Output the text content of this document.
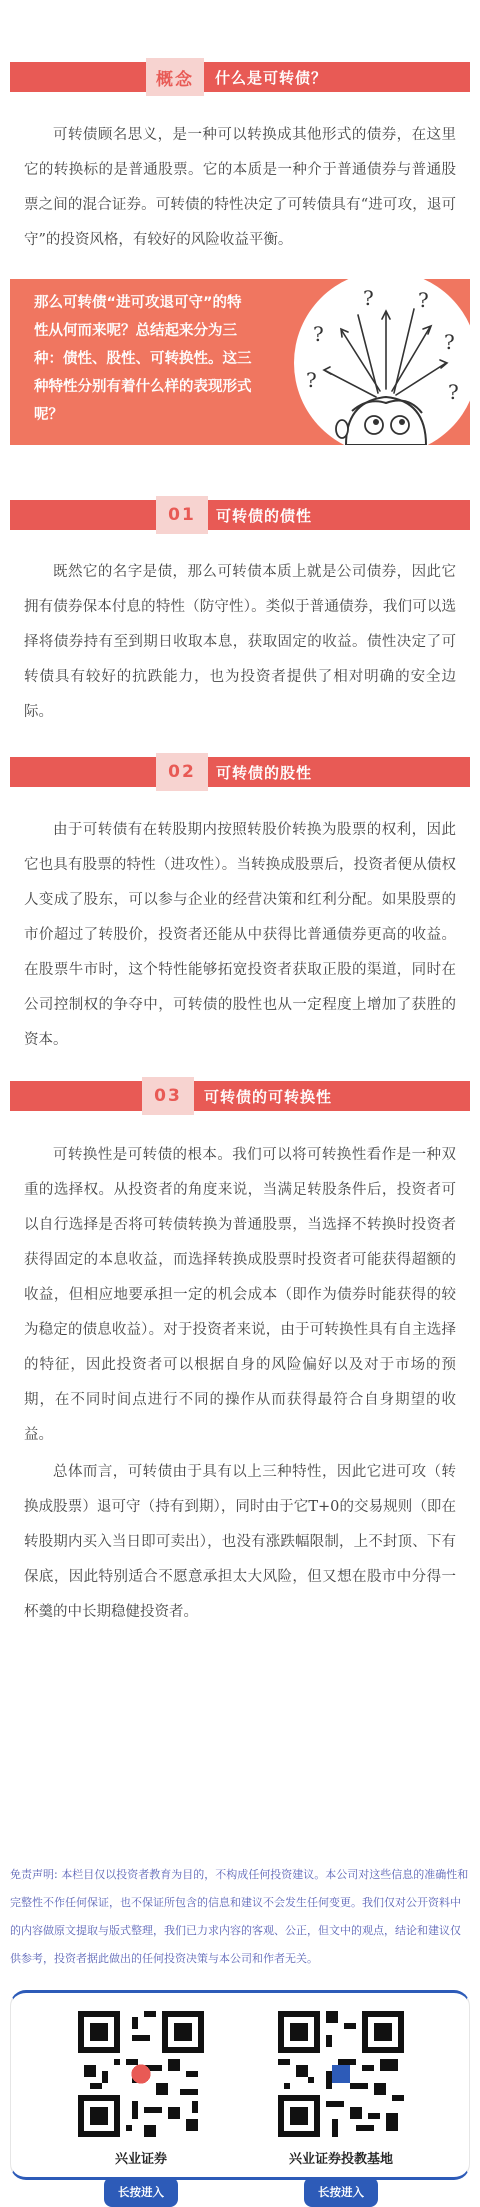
概念	什么是可转债？

可转债顾名思义，是一种可以转换成其他形式的债券，在这里它的转换标的是普通股票。它的本质是一种介于普通债券与普通股票之间的混合证券。可转债的特性决定了可转债具有“进可攻，退可守”的投资风格，有较好的风险收益平衡。

那么可转债“进可攻退可守”的特性从何而来呢？总结起来分为三种：债性、股性、可转换性。这三种特性分别有着什么样的表现形式呢？
?
? ?
?
?	?
01	可转债的债性

既然它的名字是债，那么可转债本质上就是公司债券，因此它拥有债券保本付息的特性（防守性）。类似于普通债券，我们可以选择将债券持有至到期日收取本息，获取固定的收益。债性决定了可转债具有较好的抗跌能力，也为投资者提供了相对明确的安全边际。

02	可转债的股性

由于可转债有在转股期内按照转股价转换为股票的权利，因此它也具有股票的特性（进攻性）。当转换成股票后，投资者便从债权人变成了股东，可以参与企业的经营决策和红利分配。如果股票的市价超过了转股价，投资者还能从中获得比普通债券更高的收益。在股票牛市时，这个特性能够拓宽投资者获取正股的渠道，同时在公司控制权的争夺中，可转债的股性也从一定程度上增加了获胜的资本。

03	可转债的可转换性

可转换性是可转债的根本。我们可以将可转换性看作是一种双重的选择权。从投资者的角度来说，当满足转股条件后，投资者可以自行选择是否将可转债转换为普通股票，当选择不转换时投资者获得固定的本息收益，而选择转换成股票时投资者可能获得超额的收益，但相应地要承担一定的机会成本（即作为债券时能获得的较为稳定的债息收益）。对于投资者来说，由于可转换性具有自主选择的特征，因此投资者可以根据自身的风险偏好以及对于市场的预期，在不同时间点进行不同的操作从而获得最符合自身期望的收益。

总体而言，可转债由于具有以上三种特性，因此它进可攻（转换成股票）退可守（持有到期），同时由于它T+0的交易规则（即在转股期内买入当日即可卖出），也没有涨跌幅限制，上不封顶、下有保底，因此特别适合不愿意承担太大风险，但又想在股市中分得一杯羹的中长期稳健投资者。

免责声明: 本栏目仅以投资者教育为目的，不构成任何投资建议。本公司对这些信息的准确性和完整性不作任何保证，也不保证所包含的信息和建议不会发生任何变更。我们仅对公开资料中的内容做原文提取与版式整理，我们已力求内容的客观、公正，但文中的观点，结论和建议仅供参考，投资者据此做出的任何投资决策与本公司和作者无关。

兴业证券
长按进入
兴业证券投教基地
长按进入
